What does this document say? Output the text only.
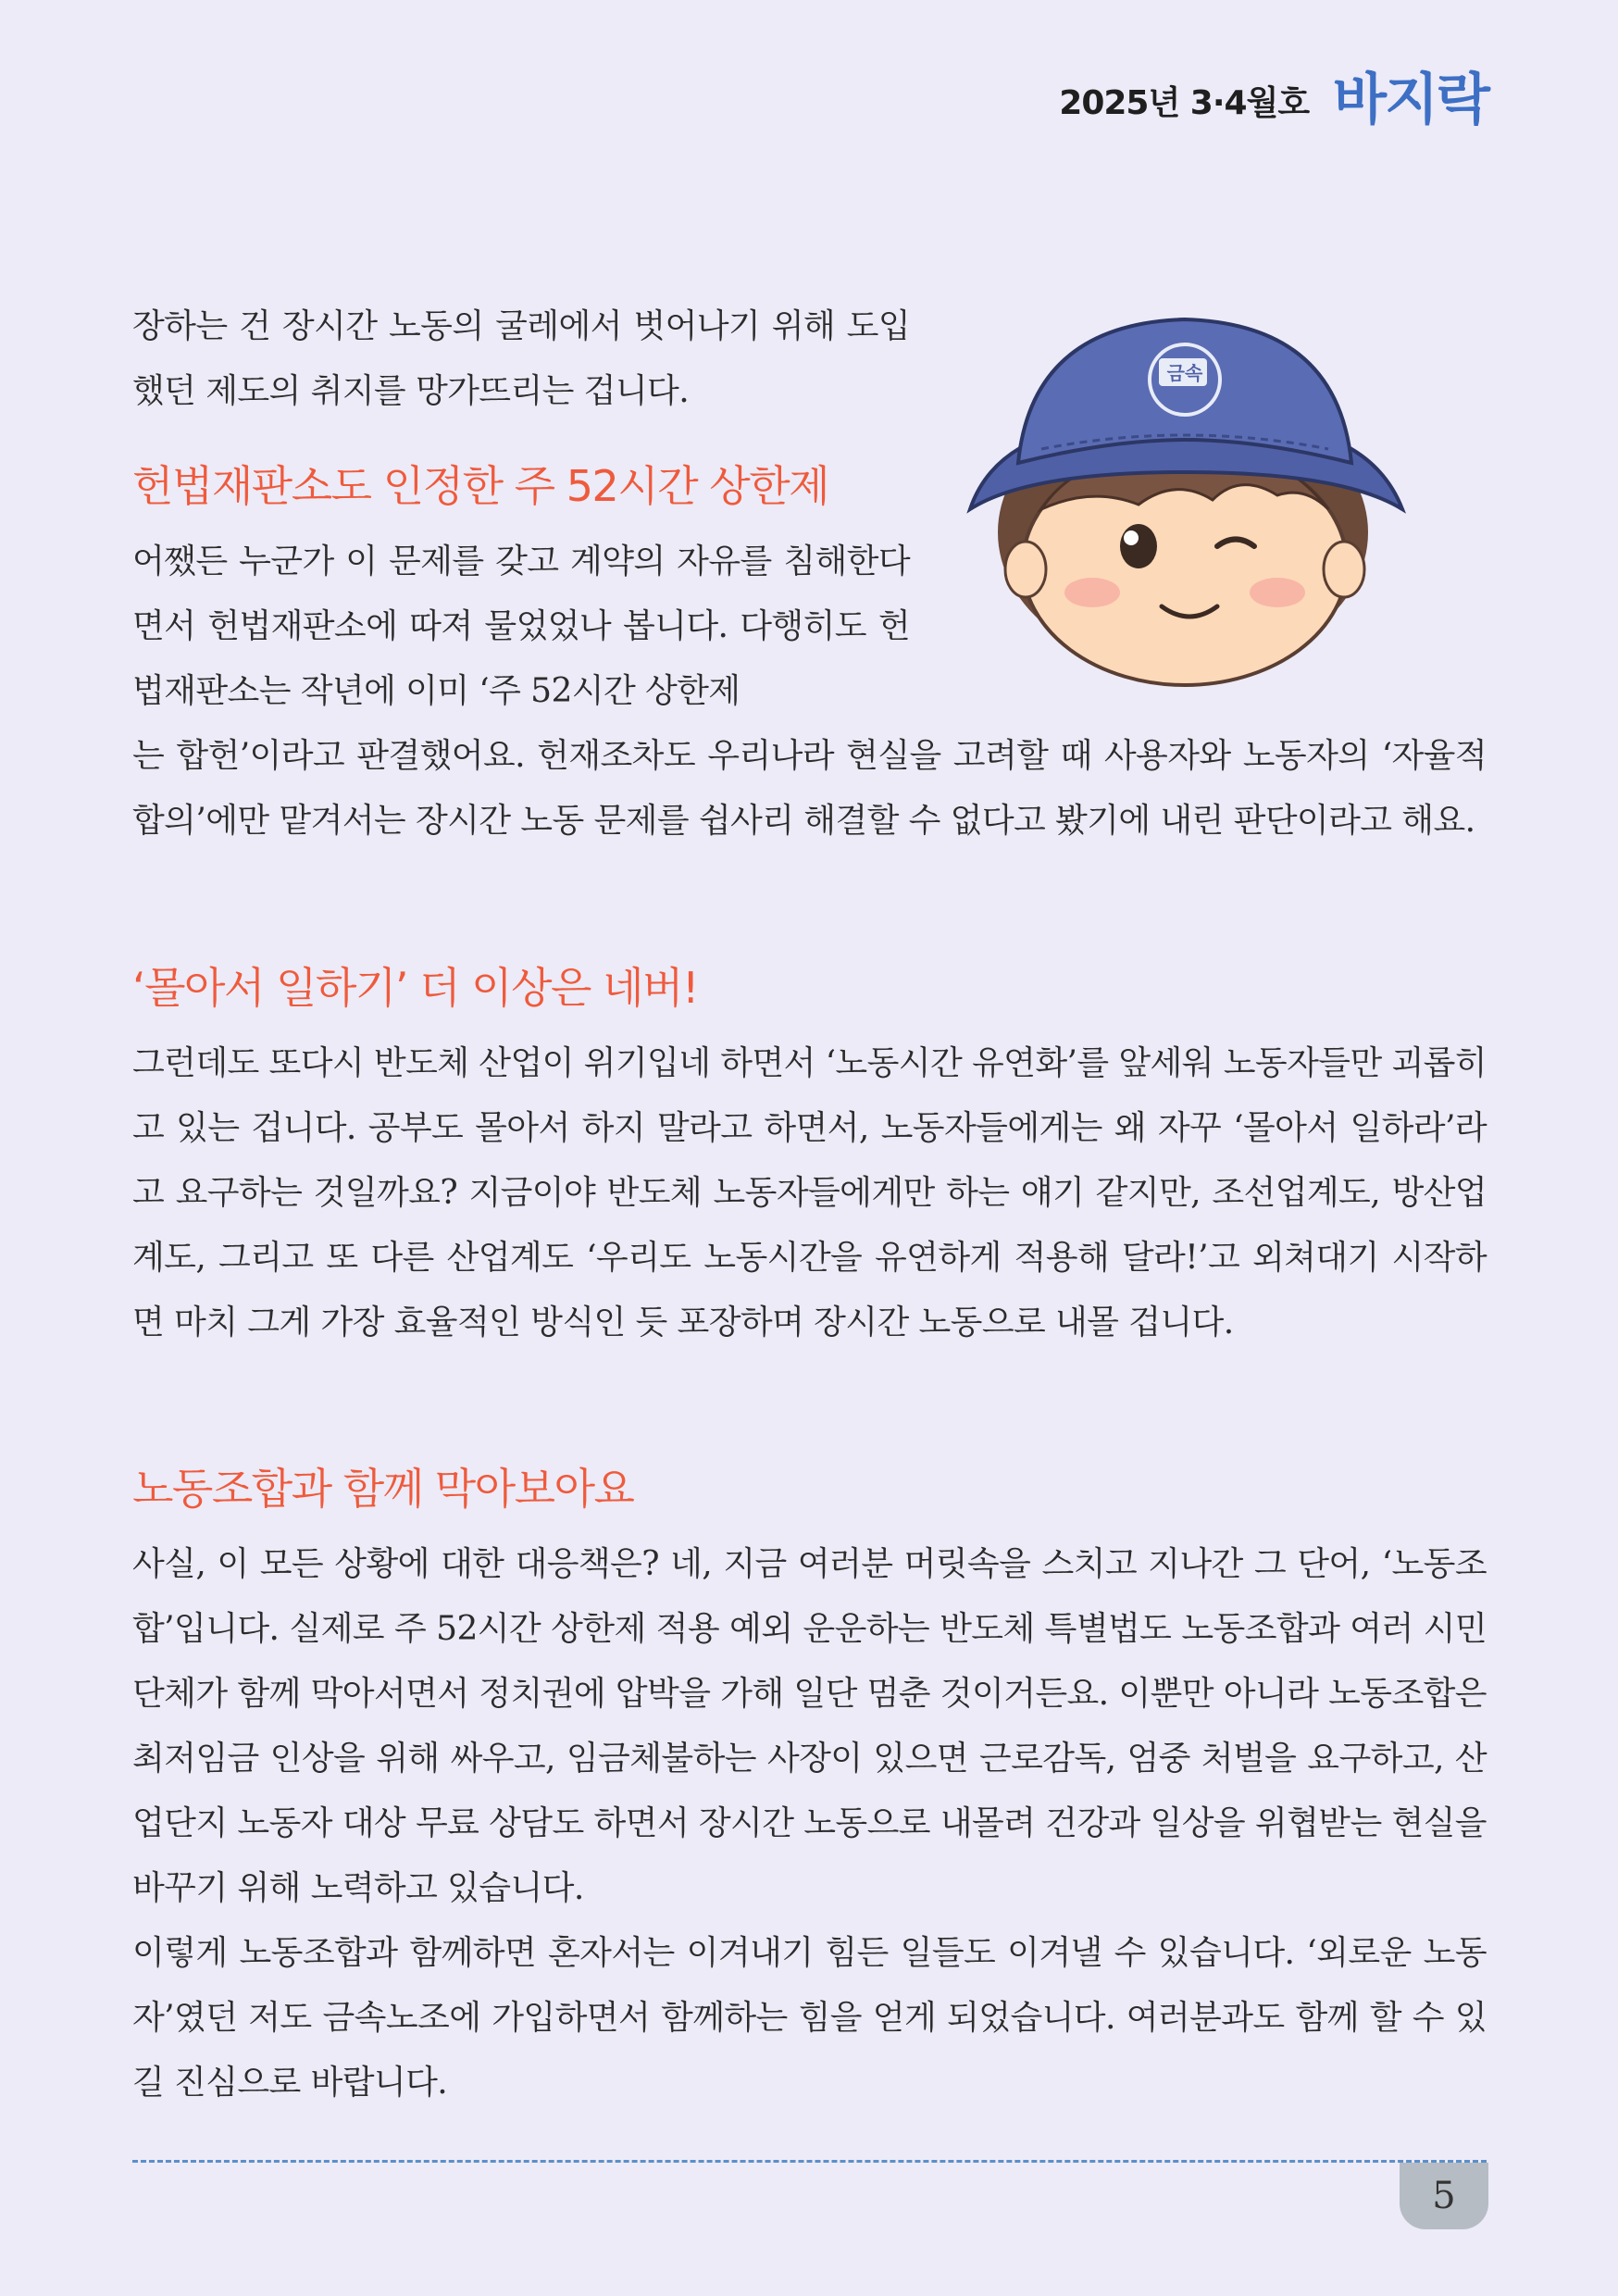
2025년 3·4월호 바지락

장하는 건 장시간 노동의 굴레에서 벗어나기 위해 도입했던 제도의 취지를 망가뜨리는 겁니다.

헌법재판소도 인정한 주 52시간 상한제

어쨌든 누군가 이 문제를 갖고 계약의 자유를 침해한다면서 헌법재판소에 따져 물었었나 봅니다. 다행히도 헌법재판소는 작년에 이미 ‘주 52시간 상한제

는 합헌’이라고 판결했어요. 헌재조차도 우리나라 현실을 고려할 때 사용자와 노동자의 ‘자율적 합의’에만 맡겨서는 장시간 노동 문제를 쉽사리 해결할 수 없다고 봤기에 내린 판단이라고 해요.

금속
‘몰아서 일하기’ 더 이상은 네버!

그런데도 또다시 반도체 산업이 위기입네 하면서 ‘노동시간 유연화’를 앞세워 노동자들만 괴롭히고 있는 겁니다. 공부도 몰아서 하지 말라고 하면서, 노동자들에게는 왜 자꾸 ‘몰아서 일하라’라고 요구하는 것일까요? 지금이야 반도체 노동자들에게만 하는 얘기 같지만, 조선업계도, 방산업계도, 그리고 또 다른 산업계도 ‘우리도 노동시간을 유연하게 적용해 달라!’고 외쳐대기 시작하면 마치 그게 가장 효율적인 방식인 듯 포장하며 장시간 노동으로 내몰 겁니다.

노동조합과 함께 막아보아요

사실, 이 모든 상황에 대한 대응책은? 네, 지금 여러분 머릿속을 스치고 지나간 그 단어, ‘노동조합’입니다. 실제로 주 52시간 상한제 적용 예외 운운하는 반도체 특별법도 노동조합과 여러 시민단체가 함께 막아서면서 정치권에 압박을 가해 일단 멈춘 것이거든요. 이뿐만 아니라 노동조합은 최저임금 인상을 위해 싸우고, 임금체불하는 사장이 있으면 근로감독, 엄중 처벌을 요구하고, 산업단지 노동자 대상 무료 상담도 하면서 장시간 노동으로 내몰려 건강과 일상을 위협받는 현실을 바꾸기 위해 노력하고 있습니다.

이렇게 노동조합과 함께하면 혼자서는 이겨내기 힘든 일들도 이겨낼 수 있습니다. ‘외로운 노동자’였던 저도 금속노조에 가입하면서 함께하는 힘을 얻게 되었습니다. 여러분과도 함께 할 수 있길 진심으로 바랍니다.

5
